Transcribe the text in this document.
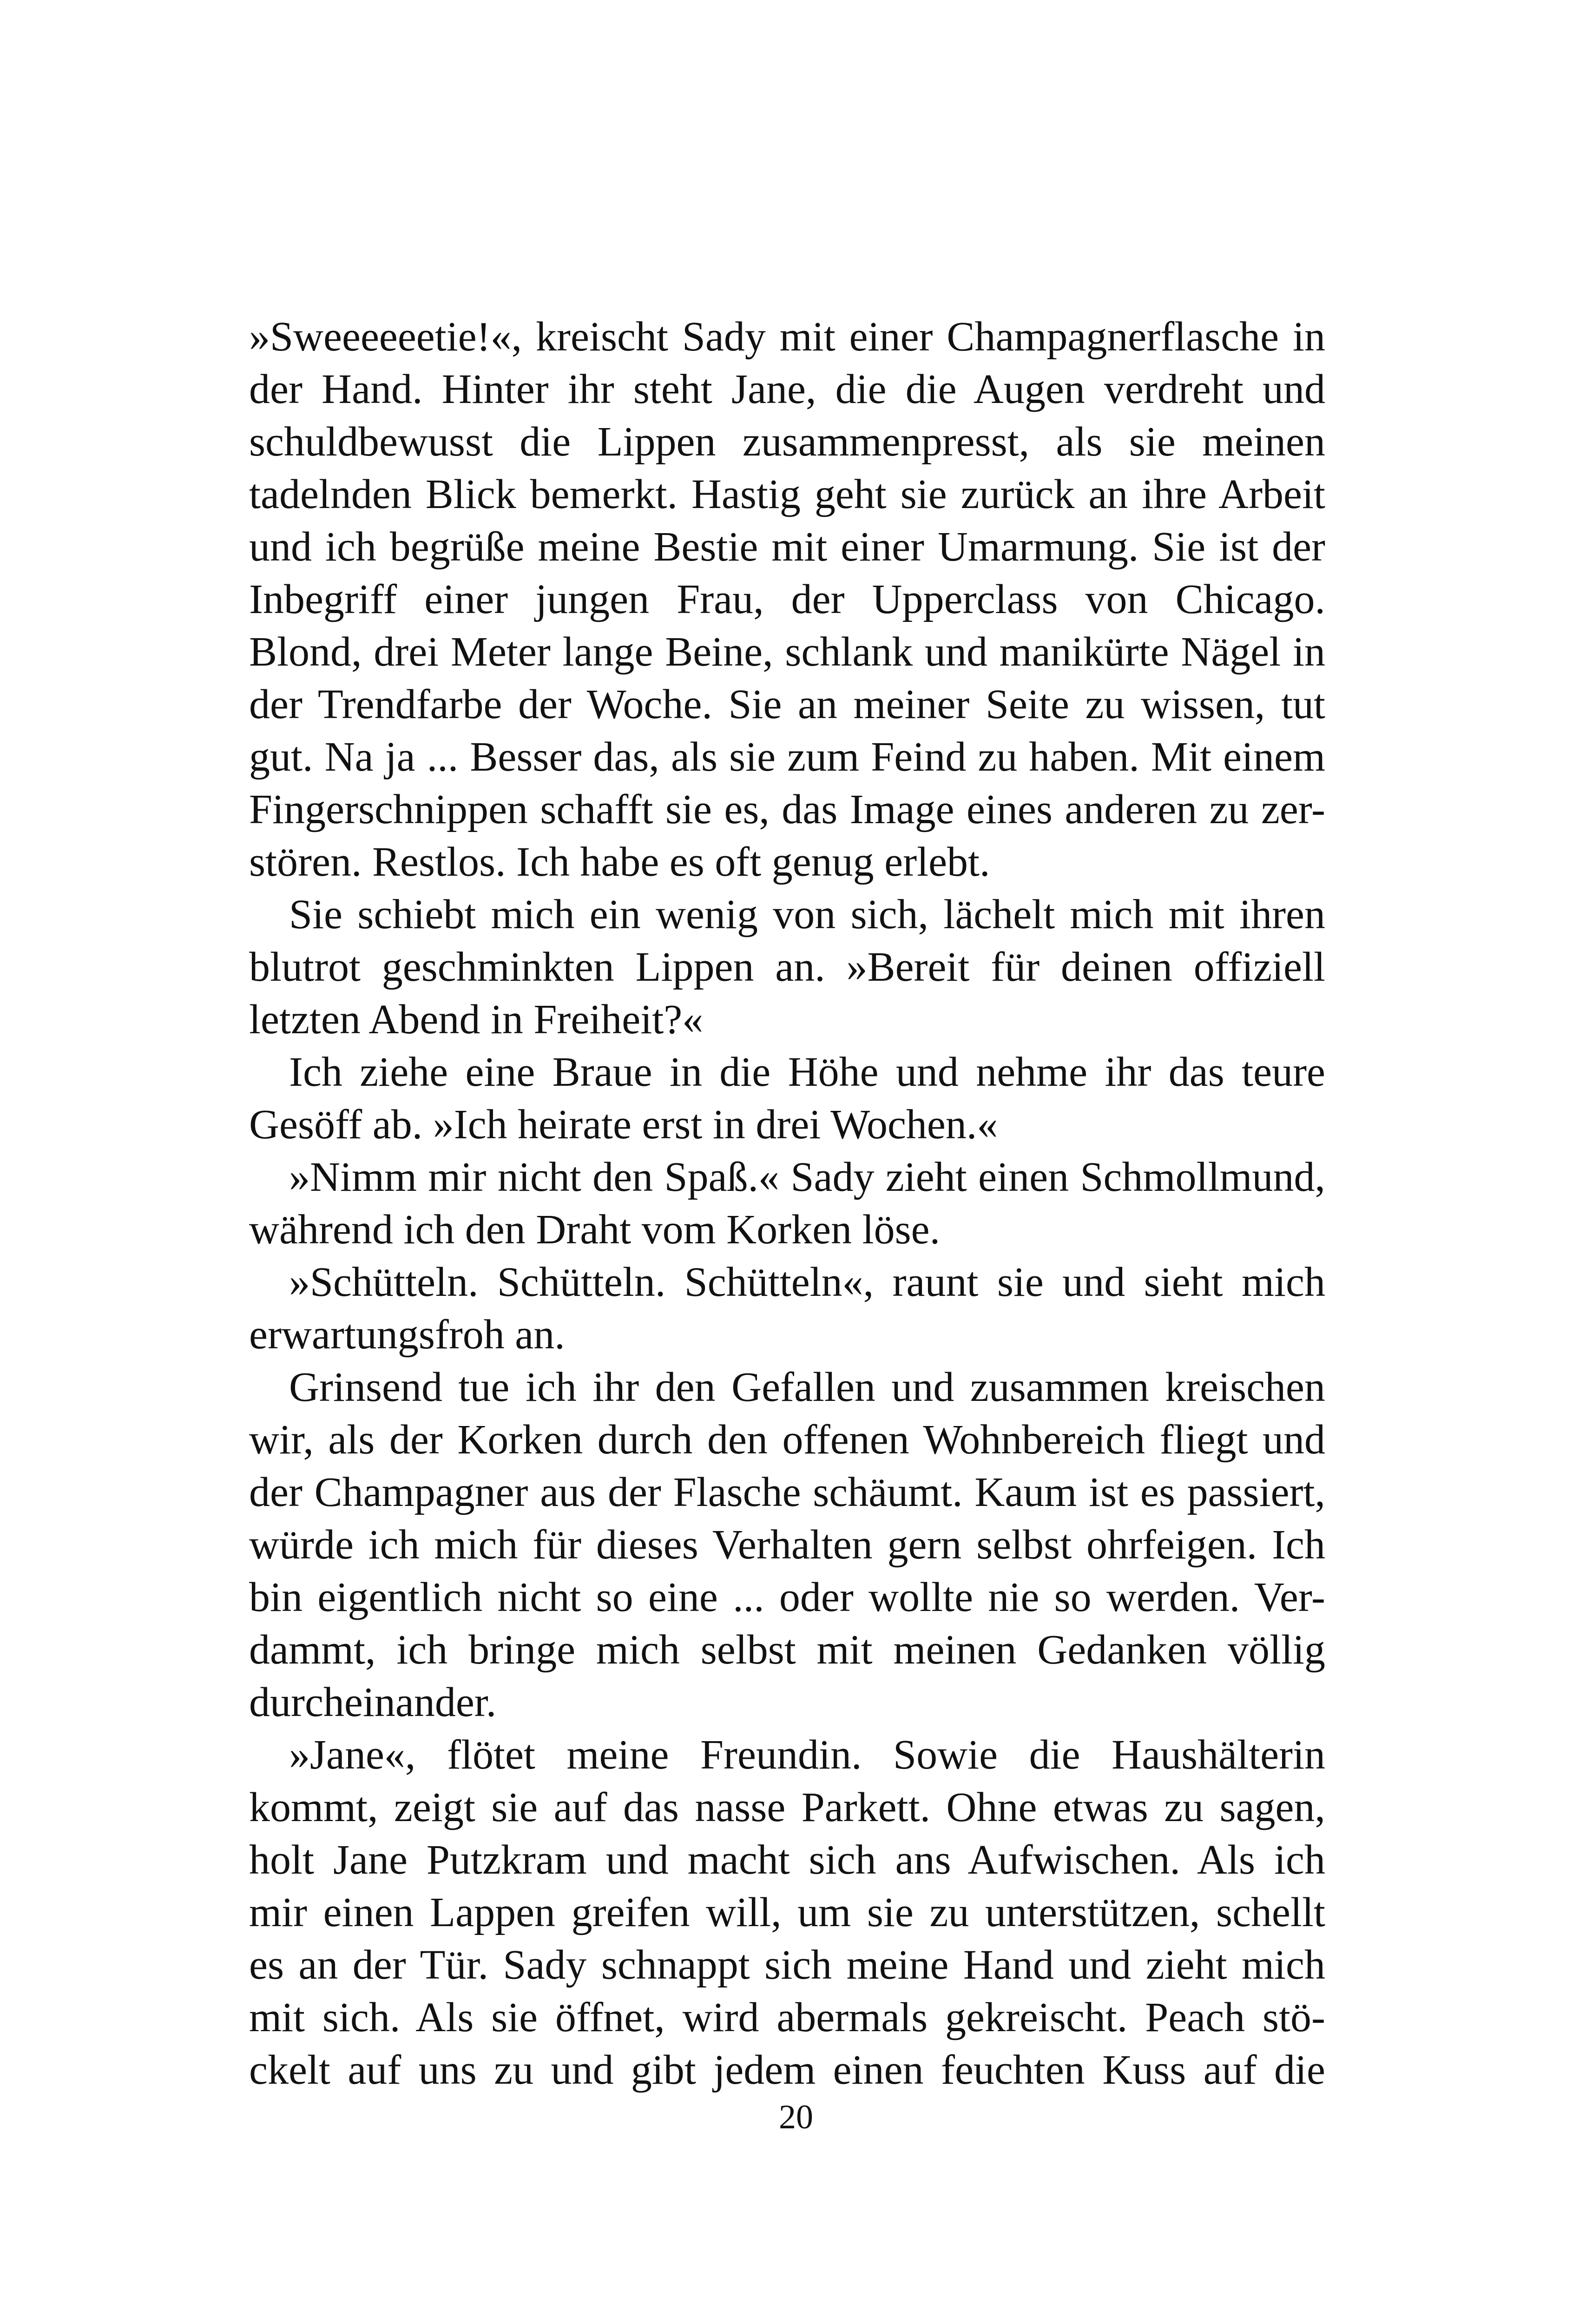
»Sweeeeeetie!«, kreischt Sady mit einer Champagnerflasche in
der Hand. Hinter ihr steht Jane, die die Augen verdreht und
schuldbewusst die Lippen zusammenpresst, als sie meinen
tadelnden Blick bemerkt. Hastig geht sie zurück an ihre Arbeit
und ich begrüße meine Bestie mit einer Umarmung. Sie ist der
Inbegriff einer jungen Frau, der Upperclass von Chicago.
Blond, drei Meter lange Beine, schlank und manikürte Nägel in
der Trendfarbe der Woche. Sie an meiner Seite zu wissen, tut
gut. Na ja ... Besser das, als sie zum Feind zu haben. Mit einem
Fingerschnippen schafft sie es, das Image eines anderen zu zer-
stören. Restlos. Ich habe es oft genug erlebt.
Sie schiebt mich ein wenig von sich, lächelt mich mit ihren
blutrot geschminkten Lippen an. »Bereit für deinen offiziell
letzten Abend in Freiheit?«
Ich ziehe eine Braue in die Höhe und nehme ihr das teure
Gesöff ab. »Ich heirate erst in drei Wochen.«
»Nimm mir nicht den Spaß.« Sady zieht einen Schmollmund,
während ich den Draht vom Korken löse.
»Schütteln. Schütteln. Schütteln«, raunt sie und sieht mich
erwartungsfroh an.
Grinsend tue ich ihr den Gefallen und zusammen kreischen
wir, als der Korken durch den offenen Wohnbereich fliegt und
der Champagner aus der Flasche schäumt. Kaum ist es passiert,
würde ich mich für dieses Verhalten gern selbst ohrfeigen. Ich
bin eigentlich nicht so eine ... oder wollte nie so werden. Ver-
dammt, ich bringe mich selbst mit meinen Gedanken völlig
durcheinander.
»Jane«, flötet meine Freundin. Sowie die Haushälterin
kommt, zeigt sie auf das nasse Parkett. Ohne etwas zu sagen,
holt Jane Putzkram und macht sich ans Aufwischen. Als ich
mir einen Lappen greifen will, um sie zu unterstützen, schellt
es an der Tür. Sady schnappt sich meine Hand und zieht mich
mit sich. Als sie öffnet, wird abermals gekreischt. Peach stö-
ckelt auf uns zu und gibt jedem einen feuchten Kuss auf die
20
